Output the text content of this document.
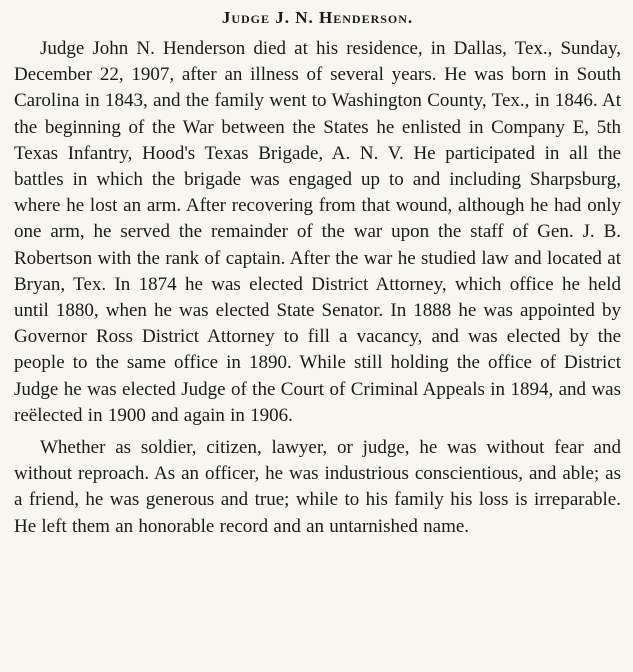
Judge J. N. Henderson.

Judge John N. Henderson died at his residence, in Dallas, Tex., Sunday, December 22, 1907, after an illness of several years. He was born in South Carolina in 1843, and the family went to Washington County, Tex., in 1846. At the beginning of the War between the States he enlisted in Company E, 5th Texas Infantry, Hood's Texas Brigade, A. N. V. He participated in all the battles in which the brigade was engaged up to and including Sharpsburg, where he lost an arm. After recovering from that wound, although he had only one arm, he served the remainder of the war upon the staff of Gen. J. B. Robertson with the rank of captain. After the war he studied law and located at Bryan, Tex. In 1874 he was elected District Attorney, which office he held until 1880, when he was elected State Senator. In 1888 he was appointed by Governor Ross District Attorney to fill a vacancy, and was elected by the people to the same office in 1890. While still holding the office of District Judge he was elected Judge of the Court of Criminal Appeals in 1894, and was reëlected in 1900 and again in 1906.

Whether as soldier, citizen, lawyer, or judge, he was without fear and without reproach. As an officer, he was industrious conscientious, and able; as a friend, he was generous and true; while to his family his loss is irreparable. He left them an honorable record and an untarnished name.
